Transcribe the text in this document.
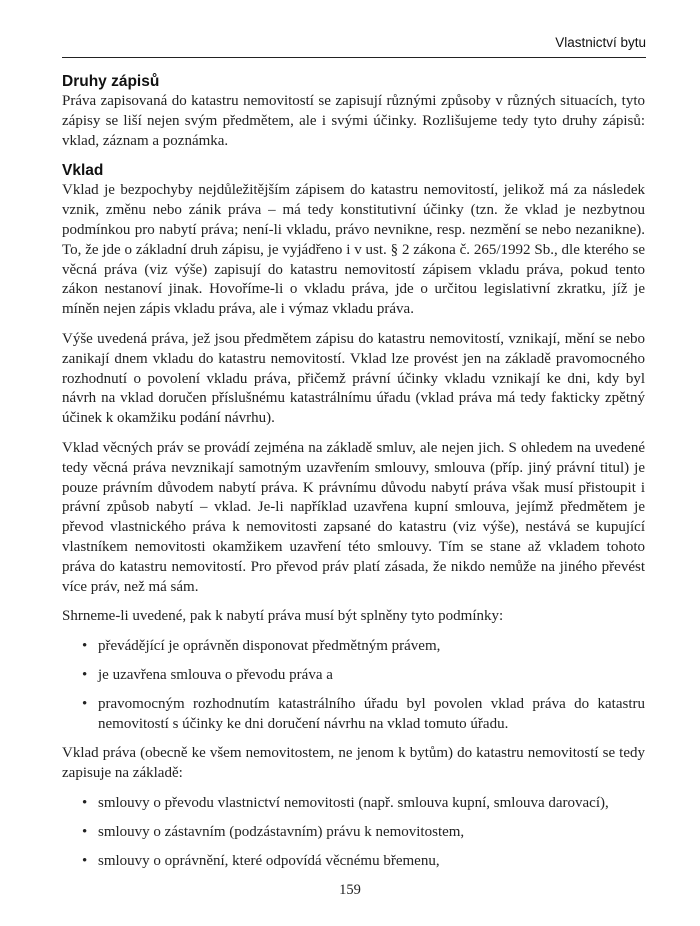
Vlastnictví bytu
Druhy zápisů

Práva zapisovaná do katastru nemovitostí se zapisují různými způsoby v různých situacích, tyto zápisy se liší nejen svým předmětem, ale i svými účinky. Rozlišujeme tedy tyto druhy zápisů: vklad, záznam a poznámka.

Vklad

Vklad je bezpochyby nejdůležitějším zápisem do katastru nemovitostí, jelikož má za následek vznik, změnu nebo zánik práva – má tedy konstitutivní účinky (tzn. že vklad je nezbytnou podmínkou pro nabytí práva; není-li vkladu, právo nevnikne, resp. nezmění se nebo nezanikne). To, že jde o základní druh zápisu, je vyjádřeno i v ust. § 2 zákona č. 265/1992 Sb., dle kterého se věcná práva (viz výše) zapisují do katastru nemovitostí zápisem vkladu práva, pokud tento zákon nestanoví jinak. Hovoříme-li o vkladu práva, jde o určitou legislativní zkratku, jíž je míněn nejen zápis vkladu práva, ale i výmaz vkladu práva.

Výše uvedená práva, jež jsou předmětem zápisu do katastru nemovitostí, vznikají, mění se nebo zanikají dnem vkladu do katastru nemovitostí. Vklad lze provést jen na základě pravomocného rozhodnutí o povolení vkladu práva, přičemž právní účinky vkladu vznikají ke dni, kdy byl návrh na vklad doručen příslušnému katastrálnímu úřadu (vklad práva má tedy fakticky zpětný účinek k okamžiku podání návrhu).

Vklad věcných práv se provádí zejména na základě smluv, ale nejen jich. S ohledem na uvedené tedy věcná práva nevznikají samotným uzavřením smlouvy, smlouva (příp. jiný právní titul) je pouze právním důvodem nabytí práva. K právnímu důvodu nabytí práva však musí přistoupit i právní způsob nabytí – vklad. Je-li například uzavřena kupní smlouva, jejímž předmětem je převod vlastnického práva k nemovitosti zapsané do katastru (viz výše), nestává se kupující vlastníkem nemovitosti okamžikem uzavření této smlouvy. Tím se stane až vkladem tohoto práva do katastru nemovitostí. Pro převod práv platí zásada, že nikdo nemůže na jiného převést více práv, než má sám.

Shrneme-li uvedené, pak k nabytí práva musí být splněny tyto podmínky:

• převádějící je oprávněn disponovat předmětným právem,
• je uzavřena smlouva o převodu práva a
• pravomocným rozhodnutím katastrálního úřadu byl povolen vklad práva do katastru nemovitostí s účinky ke dni doručení návrhu na vklad tomuto úřadu.

Vklad práva (obecně ke všem nemovitostem, ne jenom k bytům) do katastru nemovitostí se tedy zapisuje na základě:

• smlouvy o převodu vlastnictví nemovitosti (např. smlouva kupní, smlouva darovací),
• smlouvy o zástavním (podzástavním) právu k nemovitostem,
• smlouvy o oprávnění, které odpovídá věcnému břemenu,
159
